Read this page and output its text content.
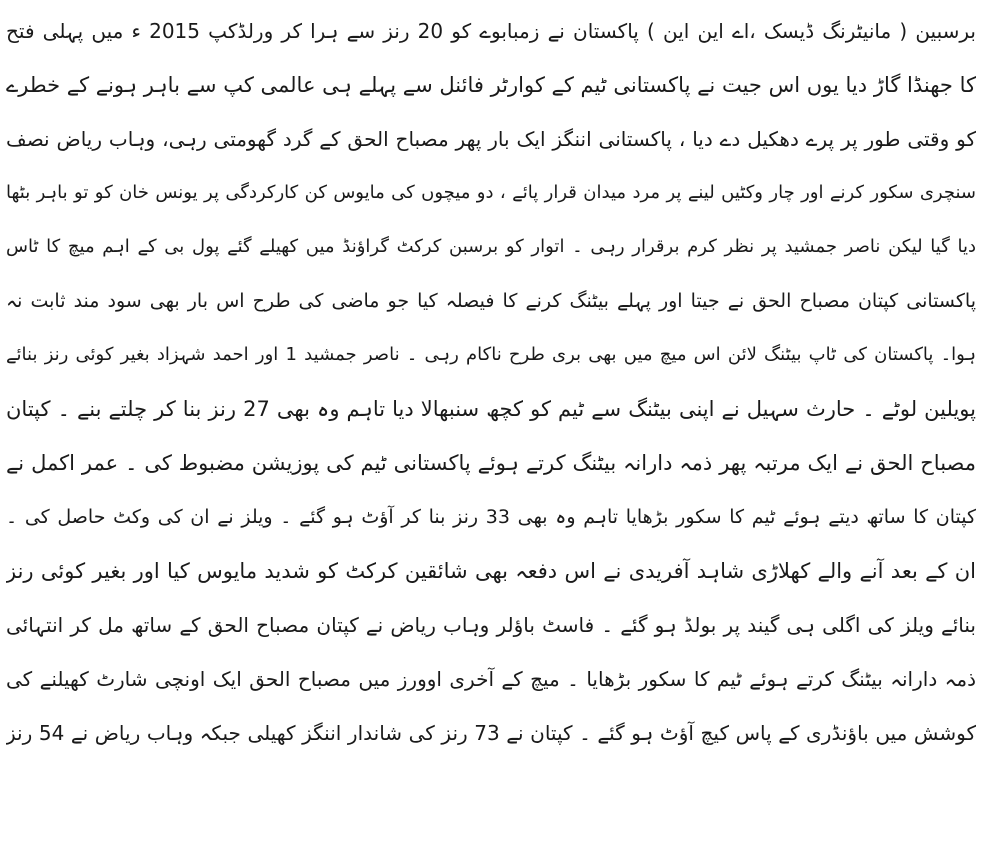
برسبین ( مانیٹرنگ ڈیسک ،اے این این ) پاکستان نے زمبابوے کو 20 رنز سے ہرا کر ورلڈکپ 2015 ء میں پہلی فتح
کا جھنڈا گاڑ دیا یوں اس جیت نے پاکستانی ٹیم کے کوارٹر فائنل سے پہلے ہی عالمی کپ سے باہر ہونے کے خطرے
کو وقتی طور پر پرے دھکیل دے دیا ، پاکستانی اننگز ایک بار پھر مصباح الحق کے گرد گھومتی رہی، وہاب ریاض نصف
سنچری سکور کرنے اور چار وکٹیں لینے پر مرد میدان قرار پائے ، دو میچوں کی مایوس کن کارکردگی پر یونس خان کو تو باہر بٹھا
دیا گیا لیکن ناصر جمشید پر نظر کرم برقرار رہی ۔ اتوار کو برسبن کرکٹ گراؤنڈ میں کھیلے گئے پول بی کے اہم میچ کا ٹاس
پاکستانی کپتان مصباح الحق نے جیتا اور پہلے بیٹنگ کرنے کا فیصلہ کیا جو ماضی کی طرح اس بار بھی سود مند ثابت نہ
ہوا۔ پاکستان کی ٹاپ بیٹنگ لائن اس میچ میں بھی بری طرح ناکام رہی ۔ ناصر جمشید 1 اور احمد شہزاد بغیر کوئی رنز بنائے
پویلین لوٹے ۔ حارث سہیل نے اپنی بیٹنگ سے ٹیم کو کچھ سنبھالا دیا تاہم وہ بھی 27 رنز بنا کر چلتے بنے ۔ کپتان
مصباح الحق نے ایک مرتبہ پھر ذمہ دارانہ بیٹنگ کرتے ہوئے پاکستانی ٹیم کی پوزیشن مضبوط کی ۔ عمر اکمل نے
کپتان کا ساتھ دیتے ہوئے ٹیم کا سکور بڑھایا تاہم وہ بھی 33 رنز بنا کر آؤٹ ہو گئے ۔ ویلز نے ان کی وکٹ حاصل کی ۔
ان کے بعد آنے والے کھلاڑی شاہد آفریدی نے اس دفعہ بھی شائقین کرکٹ کو شدید مایوس کیا اور بغیر کوئی رنز
بنائے ویلز کی اگلی ہی گیند پر بولڈ ہو گئے ۔ فاسٹ باؤلر وہاب ریاض نے کپتان مصباح الحق کے ساتھ مل کر انتہائی
ذمہ دارانہ بیٹنگ کرتے ہوئے ٹیم کا سکور بڑھایا ۔ میچ کے آخری اوورز میں مصباح الحق ایک اونچی شارٹ کھیلنے کی
کوشش میں باؤنڈری کے پاس کیچ آؤٹ ہو گئے ۔ کپتان نے 73 رنز کی شاندار اننگز کھیلی جبکہ وہاب ریاض نے 54 رنز
